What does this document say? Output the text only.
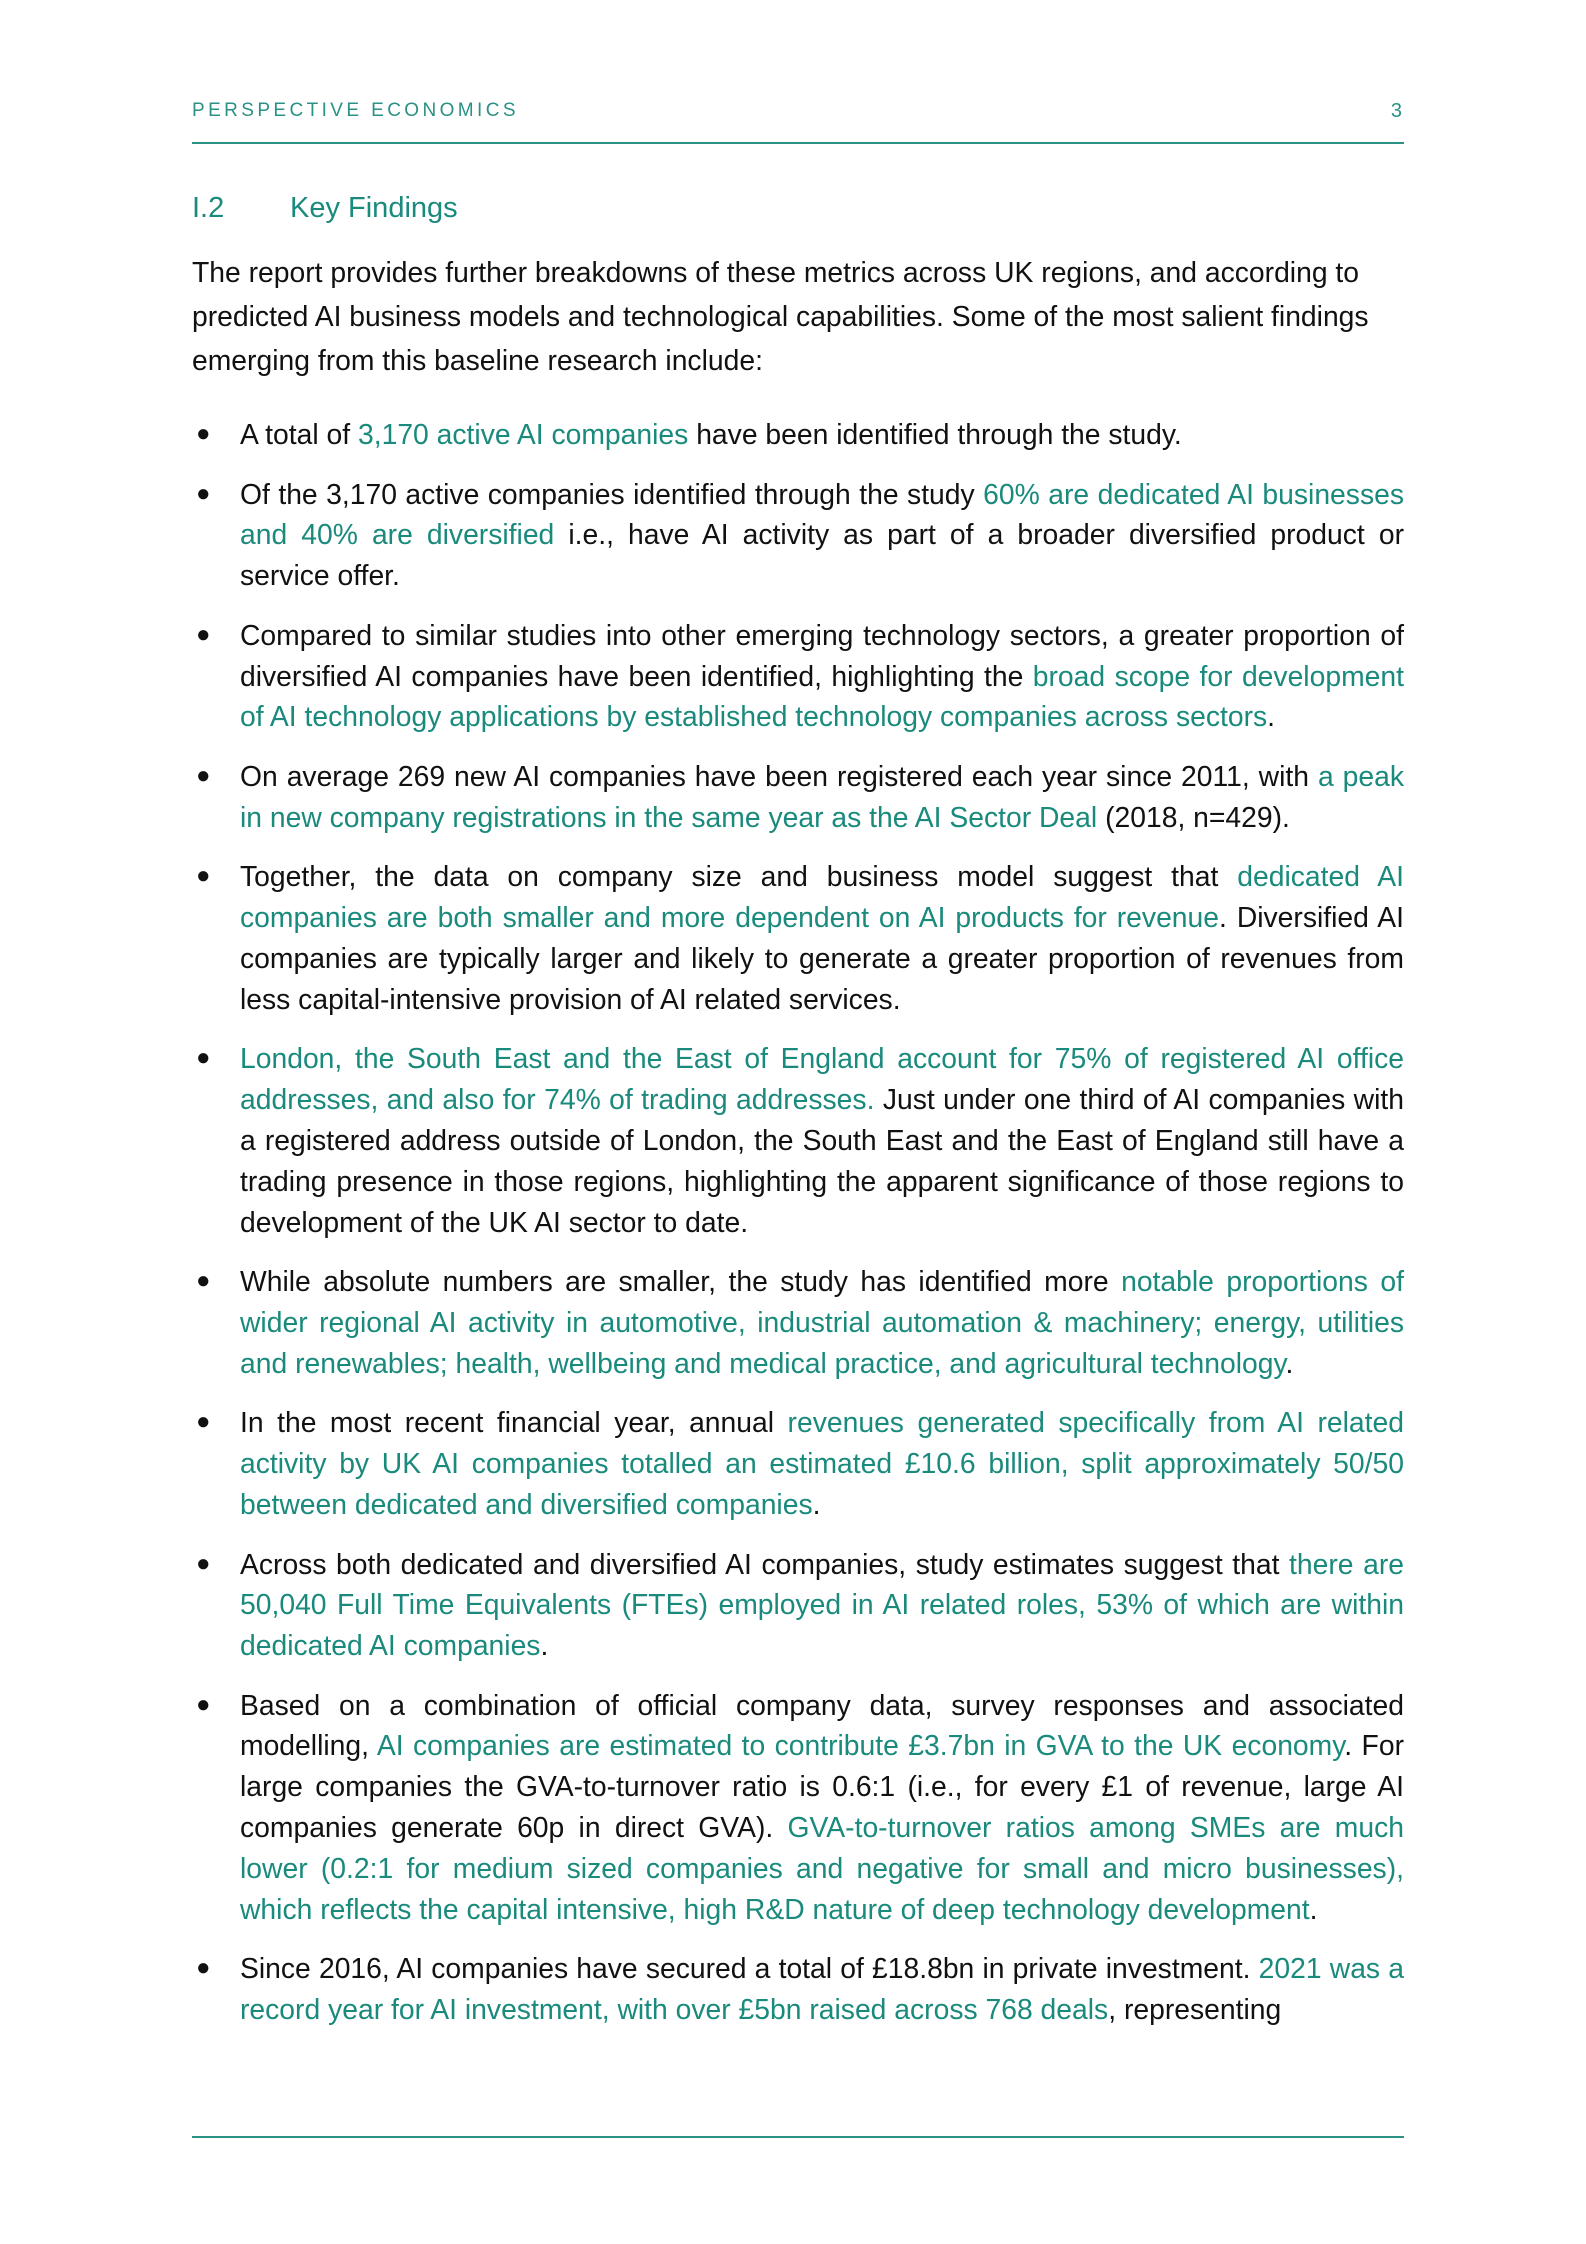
PERSPECTIVE ECONOMICS	3
I.2 Key Findings

The report provides further breakdowns of these metrics across UK regions, and according to predicted AI business models and technological capabilities. Some of the most salient findings emerging from this baseline research include:

● A total of 3,170 active AI companies have been identified through the study.
● Of the 3,170 active companies identified through the study 60% are dedicated AI businesses and 40% are diversified i.e., have AI activity as part of a broader diversified product or service offer.
● Compared to similar studies into other emerging technology sectors, a greater proportion of diversified AI companies have been identified, highlighting the broad scope for development of AI technology applications by established technology companies across sectors.
● On average 269 new AI companies have been registered each year since 2011, with a peak in new company registrations in the same year as the AI Sector Deal (2018, n=429).
● Together, the data on company size and business model suggest that dedicated AI companies are both smaller and more dependent on AI products for revenue. Diversified AI companies are typically larger and likely to generate a greater proportion of revenues from less capital-intensive provision of AI related services.
● London, the South East and the East of England account for 75% of registered AI office addresses, and also for 74% of trading addresses. Just under one third of AI companies with a registered address outside of London, the South East and the East of England still have a trading presence in those regions, highlighting the apparent significance of those regions to development of the UK AI sector to date.
● While absolute numbers are smaller, the study has identified more notable proportions of wider regional AI activity in automotive, industrial automation & machinery; energy, utilities and renewables; health, wellbeing and medical practice, and agricultural technology.
● In the most recent financial year, annual revenues generated specifically from AI related activity by UK AI companies totalled an estimated £10.6 billion, split approximately 50/50 between dedicated and diversified companies.
● Across both dedicated and diversified AI companies, study estimates suggest that there are 50,040 Full Time Equivalents (FTEs) employed in AI related roles, 53% of which are within dedicated AI companies.
● Based on a combination of official company data, survey responses and associated modelling, AI companies are estimated to contribute £3.7bn in GVA to the UK economy. For large companies the GVA-to-turnover ratio is 0.6:1 (i.e., for every £1 of revenue, large AI companies generate 60p in direct GVA). GVA-to-turnover ratios among SMEs are much lower (0.2:1 for medium sized companies and negative for small and micro businesses), which reflects the capital intensive, high R&D nature of deep technology development.
● Since 2016, AI companies have secured a total of £18.8bn in private investment. 2021 was a record year for AI investment, with over £5bn raised across 768 deals, representing
